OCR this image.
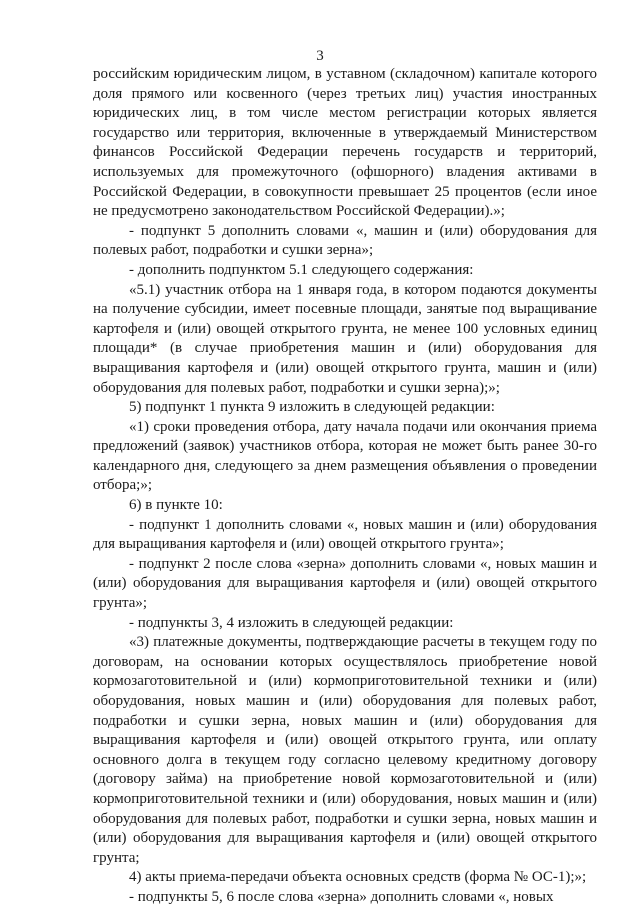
3

российским юридическим лицом, в уставном (складочном) капитале которого доля прямого или косвенного (через третьих лиц) участия иностранных юридических лиц, в том числе местом регистрации которых является государство или территория, включенные в утверждаемый Министерством финансов Российской Федерации перечень государств и территорий, используемых для промежуточного (офшорного) владения активами в Российской Федерации, в совокупности превышает 25 процентов (если иное не предусмотрено законодательством Российской Федерации).»;

- подпункт 5 дополнить словами «, машин и (или) оборудования для полевых работ, подработки и сушки зерна»;

- дополнить подпунктом 5.1 следующего содержания:

«5.1) участник отбора на 1 января года, в котором подаются документы на получение субсидии, имеет посевные площади, занятые под выращивание картофеля и (или) овощей открытого грунта, не менее 100 условных единиц площади* (в случае приобретения машин и (или) оборудования для выращивания картофеля и (или) овощей открытого грунта, машин и (или) оборудования для полевых работ, подработки и сушки зерна);»;

5) подпункт 1 пункта 9 изложить в следующей редакции:

«1) сроки проведения отбора, дату начала подачи или окончания приема предложений (заявок) участников отбора, которая не может быть ранее 30-го календарного дня, следующего за днем размещения объявления о проведении отбора;»;

6) в пункте 10:

- подпункт 1 дополнить словами «, новых машин и (или) оборудования для выращивания картофеля и (или) овощей открытого грунта»;

- подпункт 2 после слова «зерна» дополнить словами «, новых машин и (или) оборудования для выращивания картофеля и (или) овощей открытого грунта»;

- подпункты 3, 4 изложить в следующей редакции:

«3) платежные документы, подтверждающие расчеты в текущем году по договорам, на основании которых осуществлялось приобретение новой кормозаготовительной и (или) кормоприготовительной техники и (или) оборудования, новых машин и (или) оборудования для полевых работ, подработки и сушки зерна, новых машин и (или) оборудования для выращивания картофеля и (или) овощей открытого грунта, или оплату основного долга в текущем году согласно целевому кредитному договору (договору займа) на приобретение новой кормозаготовительной и (или) кормоприготовительной техники и (или) оборудования, новых машин и (или) оборудования для полевых работ, подработки и сушки зерна, новых машин и (или) оборудования для выращивания картофеля и (или) овощей открытого грунта;

4) акты приема-передачи объекта основных средств (форма № ОС-1);»;

- подпункты 5, 6 после слова «зерна» дополнить словами «, новых
